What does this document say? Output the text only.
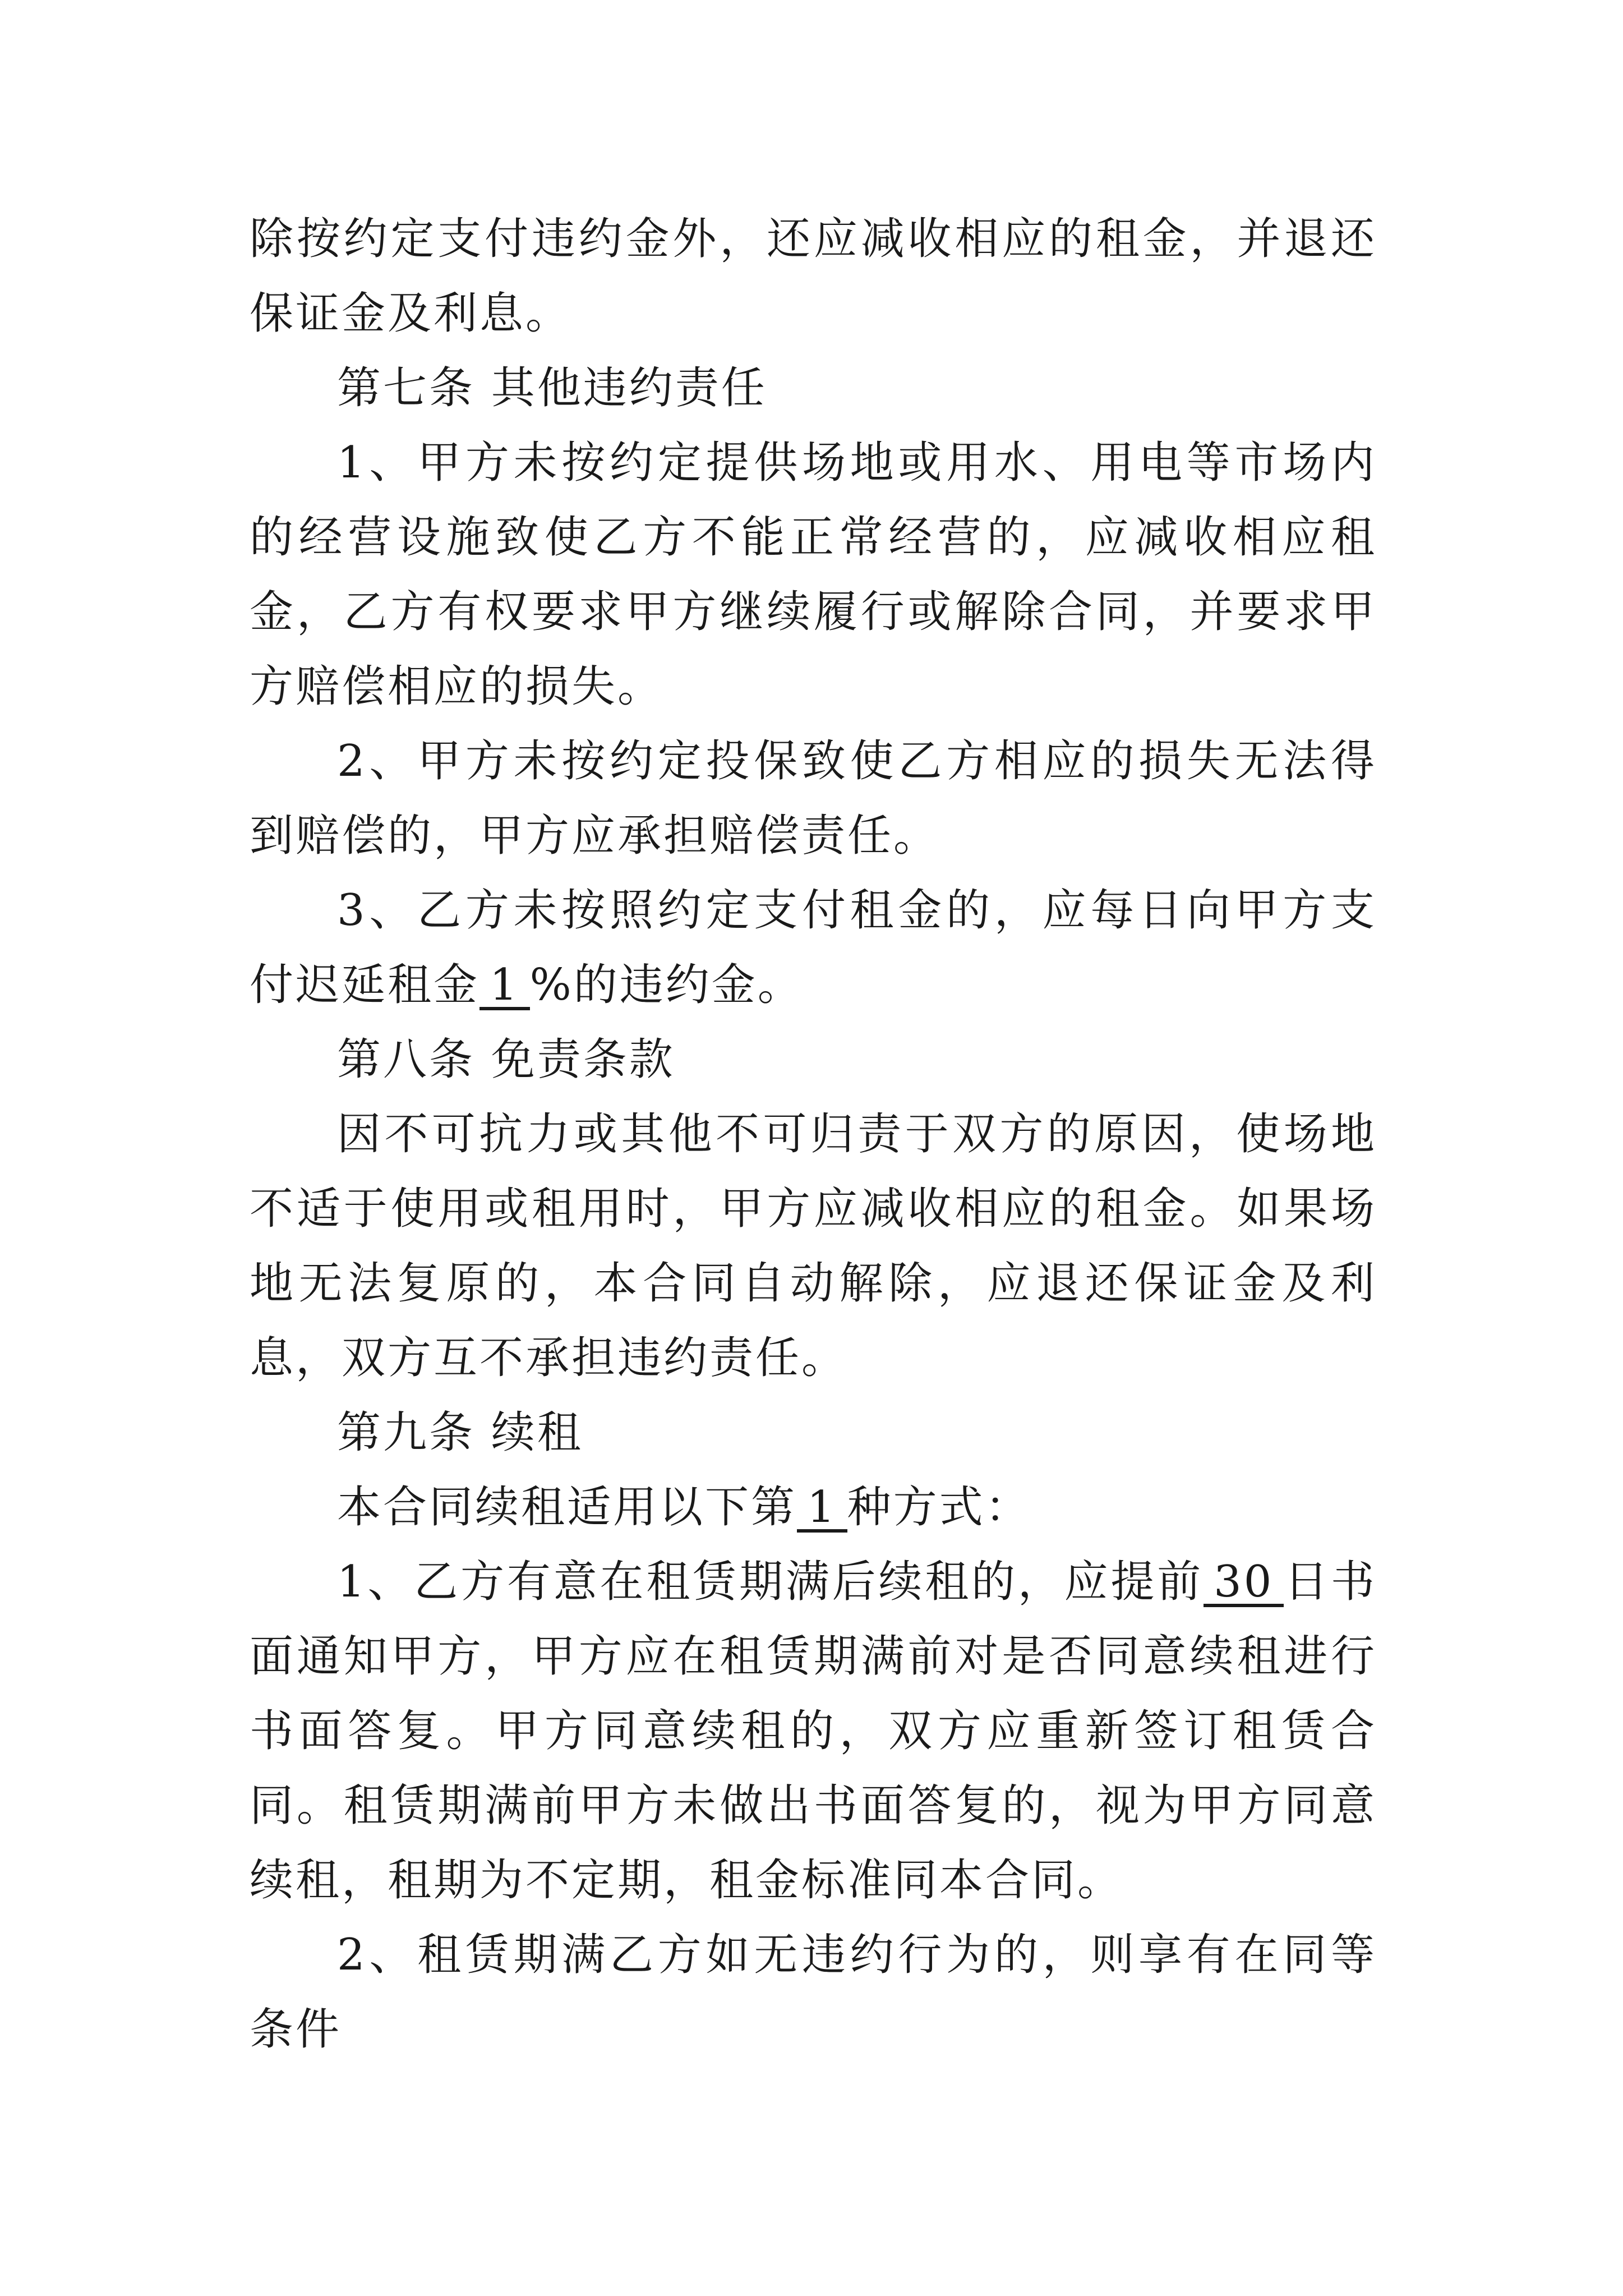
除按约定支付违约金外，还应减收相应的租金，并退还保证金及利息。

第七条 其他违约责任

1、甲方未按约定提供场地或用水、用电等市场内的经营设施致使乙方不能正常经营的，应减收相应租金，乙方有权要求甲方继续履行或解除合同，并要求甲方赔偿相应的损失。

2、甲方未按约定投保致使乙方相应的损失无法得到赔偿的，甲方应承担赔偿责任。

3、乙方未按照约定支付租金的，应每日向甲方支付迟延租金 1 %的违约金。

第八条 免责条款

因不可抗力或其他不可归责于双方的原因，使场地不适于使用或租用时，甲方应减收相应的租金。如果场地无法复原的，本合同自动解除，应退还保证金及利息，双方互不承担违约责任。

第九条 续租

本合同续租适用以下第 1 种方式：

1、乙方有意在租赁期满后续租的，应提前 30 日书面通知甲方，甲方应在租赁期满前对是否同意续租进行书面答复。甲方同意续租的，双方应重新签订租赁合同。租赁期满前甲方未做出书面答复的，视为甲方同意续租，租期为不定期，租金标准同本合同。

2、租赁期满乙方如无违约行为的，则享有在同等条件
